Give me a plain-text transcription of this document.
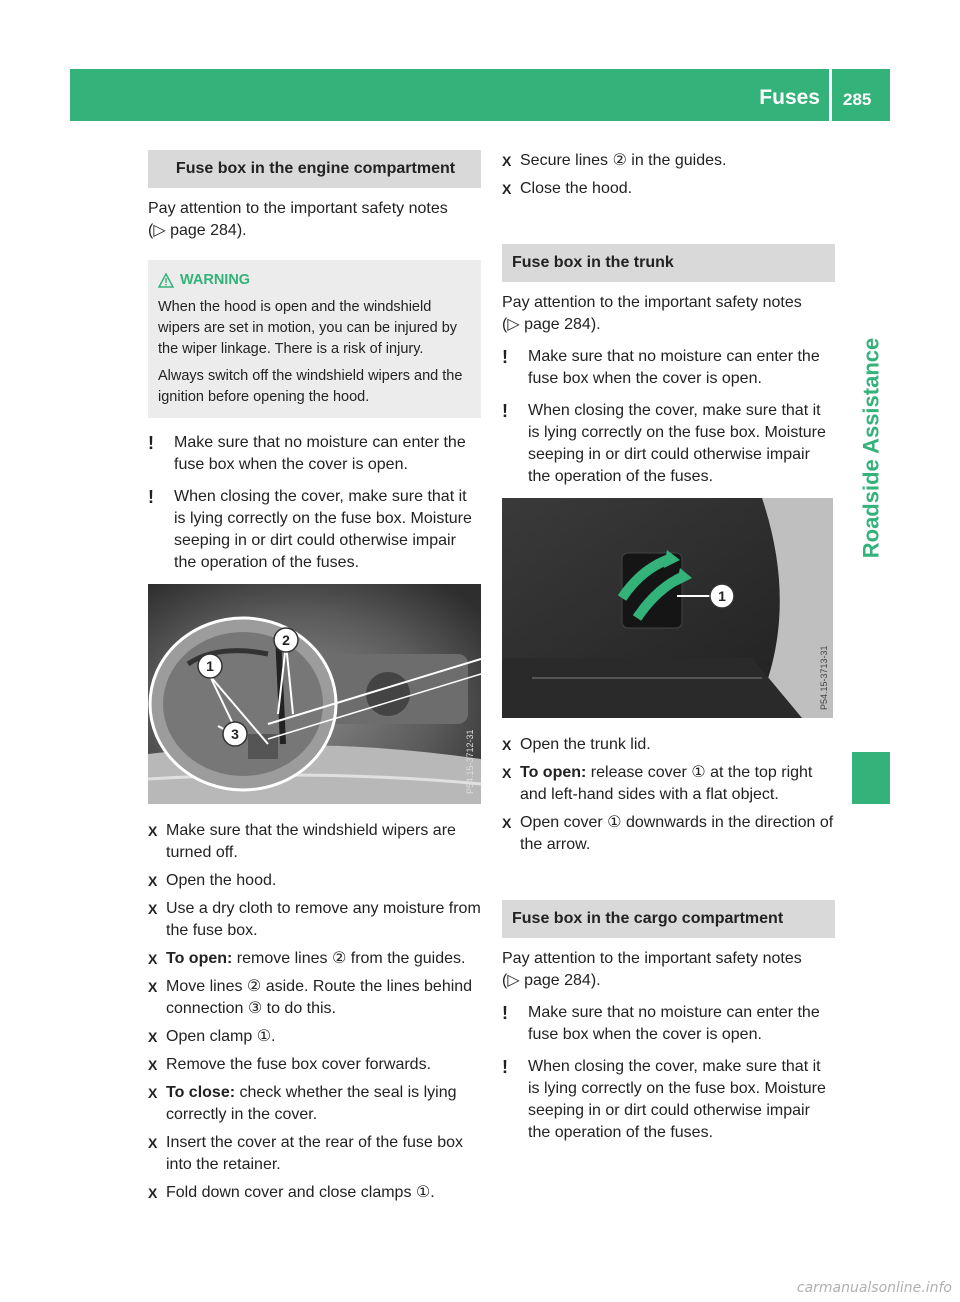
Fuses 285
Roadside Assistance
Fuse box in the engine compartment

Pay attention to the important safety notes
(▷ page 284).

WARNING

When the hood is open and the windshield wipers are set in motion, you can be injured by the wiper linkage. There is a risk of injury.

Always switch off the windshield wipers and the ignition before opening the hood.

! Make sure that no moisture can enter the fuse box when the cover is open.
! When closing the cover, make sure that it is lying correctly on the fuse box. Moisture seeping in or dirt could otherwise impair the operation of the fuses.
1
2
3	P54.15-3712-31
X Make sure that the windshield wipers are turned off.
X Open the hood.
X Use a dry cloth to remove any moisture from the fuse box.
X To open: remove lines ② from the guides.
X Move lines ② aside. Route the lines behind connection ③ to do this.
X Open clamp ①.
X Remove the fuse box cover forwards.
X To close: check whether the seal is lying correctly in the cover.
X Insert the cover at the rear of the fuse box into the retainer.
X Fold down cover and close clamps ①.
X Secure lines ② in the guides.
X Close the hood.
Fuse box in the trunk

Pay attention to the important safety notes
(▷ page 284).

! Make sure that no moisture can enter the fuse box when the cover is open.
! When closing the cover, make sure that it is lying correctly on the fuse box. Moisture seeping in or dirt could otherwise impair the operation of the fuses.
1
P54.15-3713-31
X Open the trunk lid.
X To open: release cover ① at the top right and left-hand sides with a flat object.
X Open cover ① downwards in the direction of the arrow.
Fuse box in the cargo compartment

Pay attention to the important safety notes
(▷ page 284).

! Make sure that no moisture can enter the fuse box when the cover is open.
! When closing the cover, make sure that it is lying correctly on the fuse box. Moisture seeping in or dirt could otherwise impair the operation of the fuses.
carmanualsonline.info
